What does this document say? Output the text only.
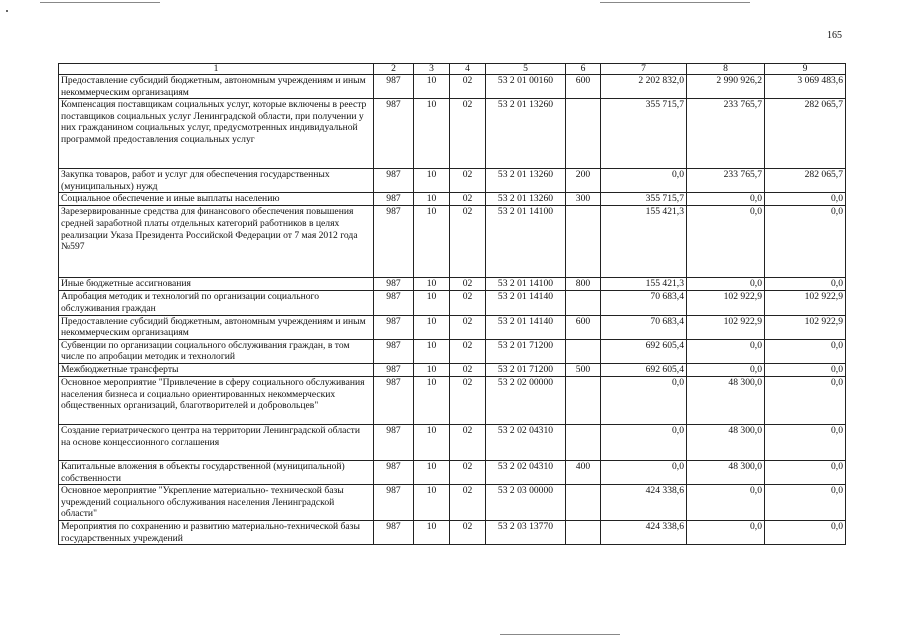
165
1	2	3	4	5	6	7	8	9
Предоставление субсидий бюджетным, автономным учреждениям и иным некоммерческим организациям	987	10	02	53 2 01 00160	600	2 202 832,0	2 990 926,2	3 069 483,6
Компенсация поставщикам социальных услуг, которые включены в реестр поставщиков социальных услуг Ленинградской области, при получении у них гражданином социальных услуг, предусмотренных индивидуальной программой предоставления социальных услуг	987	10	02	53 2 01 13260		355 715,7	233 765,7	282 065,7
Закупка товаров, работ и услуг для обеспечения государственных (муниципальных) нужд	987	10	02	53 2 01 13260	200	0,0	233 765,7	282 065,7
Социальное обеспечение и иные выплаты населению	987	10	02	53 2 01 13260	300	355 715,7	0,0	0,0
Зарезервированные средства для финансового обеспечения повышения средней заработной платы отдельных категорий работников в целях реализации Указа Президента Российской Федерации от 7 мая 2012 года №597	987	10	02	53 2 01 14100		155 421,3	0,0	0,0
Иные бюджетные ассигнования	987	10	02	53 2 01 14100	800	155 421,3	0,0	0,0
Апробация методик и технологий по организации социального обслуживания граждан	987	10	02	53 2 01 14140		70 683,4	102 922,9	102 922,9
Предоставление субсидий бюджетным, автономным учреждениям и иным некоммерческим организациям	987	10	02	53 2 01 14140	600	70 683,4	102 922,9	102 922,9
Субвенции по организации социального обслуживания граждан, в том числе по апробации методик и технологий	987	10	02	53 2 01 71200		692 605,4	0,0	0,0
Межбюджетные трансферты	987	10	02	53 2 01 71200	500	692 605,4	0,0	0,0
Основное мероприятие "Привлечение в сферу социального обслуживания населения бизнеса и социально ориентированных некоммерческих общественных организаций, благотворителей и добровольцев"	987	10	02	53 2 02 00000		0,0	48 300,0	0,0
Создание гериатрического центра на территории Ленинградской области на основе концессионного соглашения	987	10	02	53 2 02 04310		0,0	48 300,0	0,0
Капитальные вложения в объекты государственной (муниципальной) собственности	987	10	02	53 2 02 04310	400	0,0	48 300,0	0,0
Основное мероприятие "Укрепление материально- технической базы учреждений социального обслуживания населения Ленинградской области"	987	10	02	53 2 03 00000		424 338,6	0,0	0,0
Мероприятия по сохранению и развитию материально-технической базы государственных учреждений	987	10	02	53 2 03 13770		424 338,6	0,0	0,0
